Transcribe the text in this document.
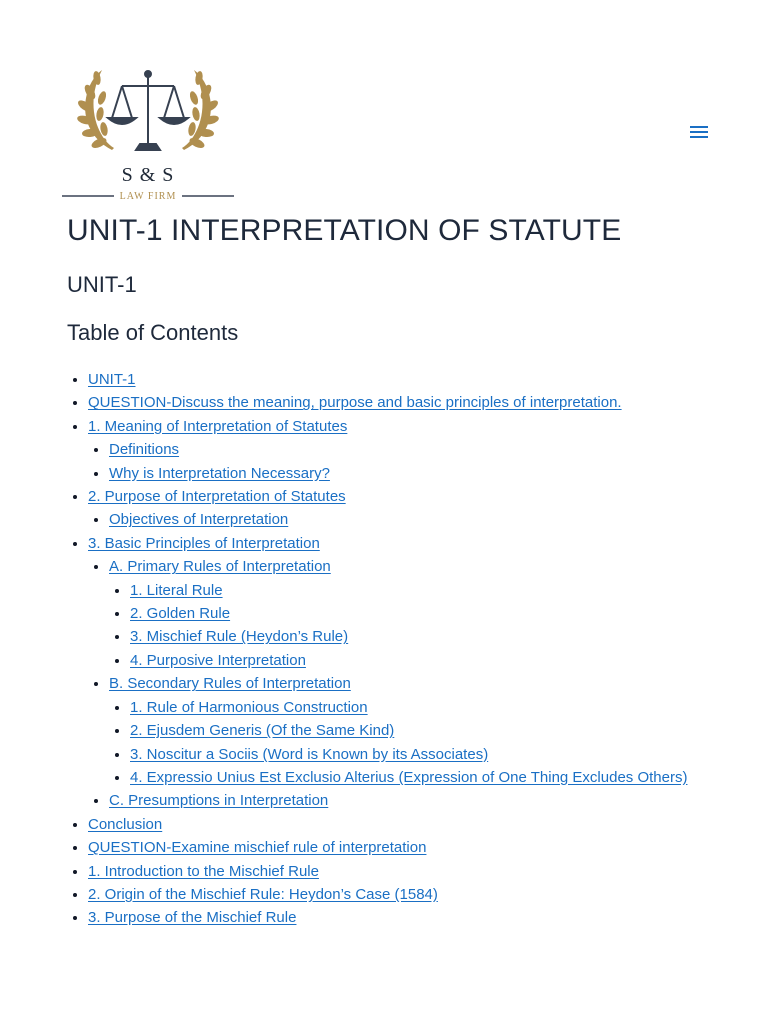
S & S
LAW FIRM
UNIT-1 INTERPRETATION OF STATUTE
UNIT-1
Table of Contents
• UNIT-1
• QUESTION-Discuss the meaning, purpose and basic principles of interpretation.
• 1. Meaning of Interpretation of Statutes
• Definitions
• Why is Interpretation Necessary?
• 2. Purpose of Interpretation of Statutes
• Objectives of Interpretation
• 3. Basic Principles of Interpretation
• A. Primary Rules of Interpretation
• 1. Literal Rule
• 2. Golden Rule
• 3. Mischief Rule (Heydon’s Rule)
• 4. Purposive Interpretation
• B. Secondary Rules of Interpretation
• 1. Rule of Harmonious Construction
• 2. Ejusdem Generis (Of the Same Kind)
• 3. Noscitur a Sociis (Word is Known by its Associates)
• 4. Expressio Unius Est Exclusio Alterius (Expression of One Thing Excludes Others)
• C. Presumptions in Interpretation
• Conclusion
• QUESTION-Examine mischief rule of interpretation
• 1. Introduction to the Mischief Rule
• 2. Origin of the Mischief Rule: Heydon’s Case (1584)
• 3. Purpose of the Mischief Rule
